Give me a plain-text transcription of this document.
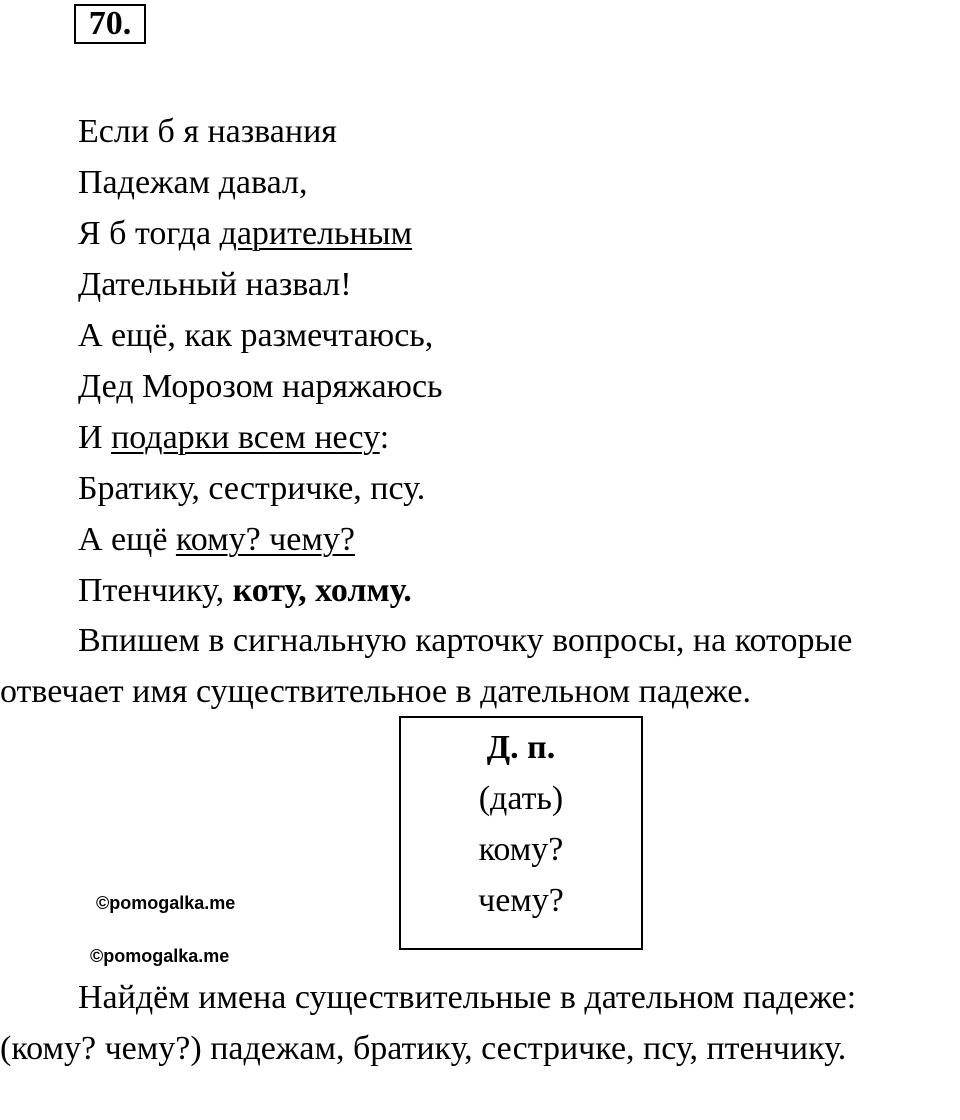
70.
Если б я названия
Падежам давал,
Я б тогда дарительным
Дательный назвал!
А ещё, как размечтаюсь,
Дед Морозом наряжаюсь
И подарки всем несу:
Братику, сестричке, псу.
А ещё кому? чему?
Птенчику, коту, холму.

Впишем в сигнальную карточку вопросы, на которые отвечает имя существительное в дательном падеже.

Д. п.
(дать)
кому?
чему?
©pomogalka.me
©pomogalka.me

Найдём имена существительные в дательном падеже: (кому? чему?) падежам, братику, сестричке, псу, птенчику.
